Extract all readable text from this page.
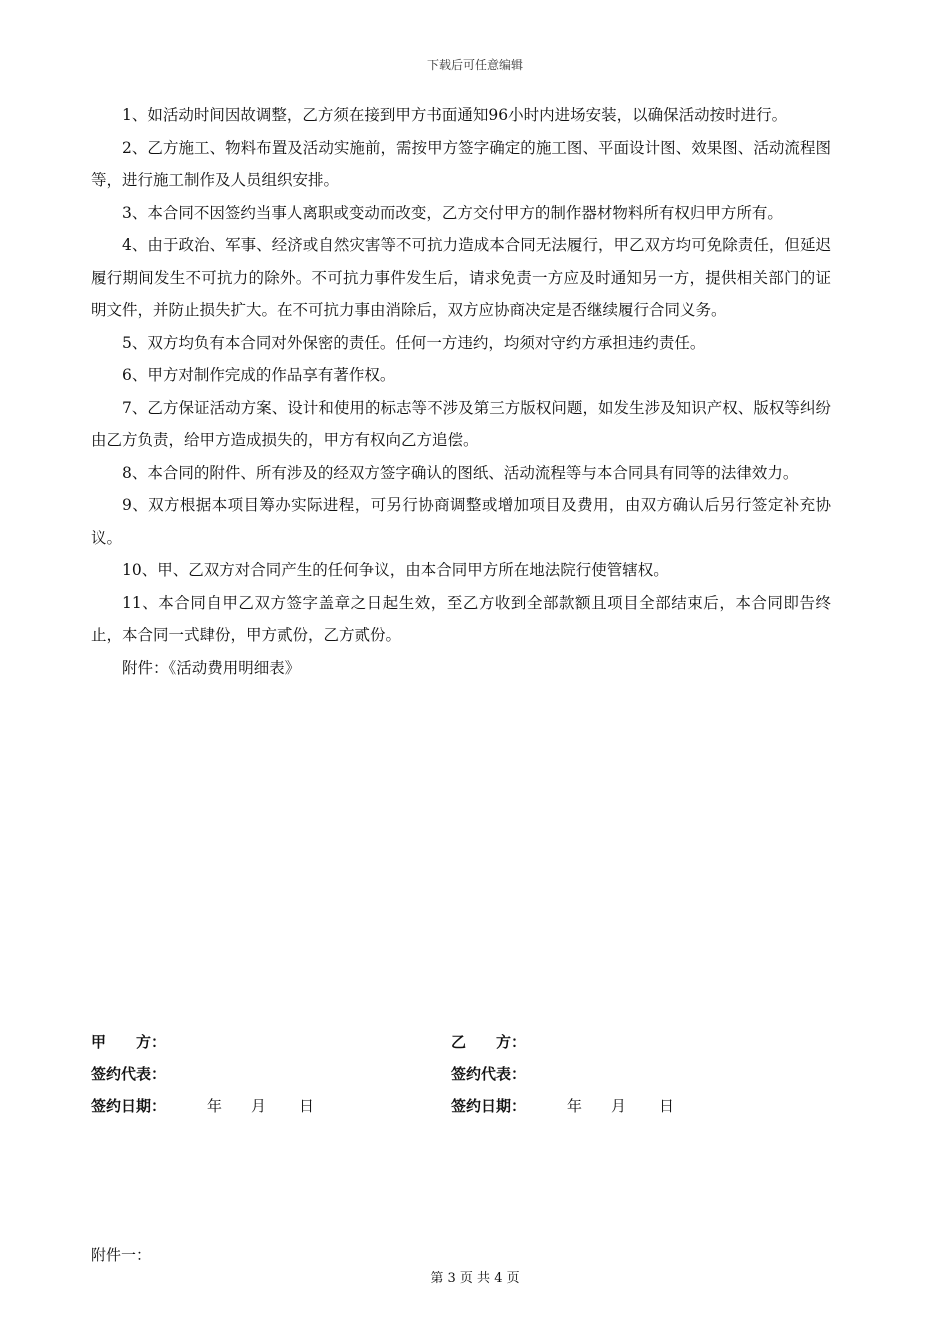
下载后可任意编辑

1、如活动时间因故调整，乙方须在接到甲方书面通知96小时内进场安装，以确保活动按时进行。

2、乙方施工、物料布置及活动实施前，需按甲方签字确定的施工图、平面设计图、效果图、活动流程图等，进行施工制作及人员组织安排。

3、本合同不因签约当事人离职或变动而改变，乙方交付甲方的制作器材物料所有权归甲方所有。

4、由于政治、军事、经济或自然灾害等不可抗力造成本合同无法履行，甲乙双方均可免除责任，但延迟履行期间发生不可抗力的除外。不可抗力事件发生后，请求免责一方应及时通知另一方，提供相关部门的证明文件，并防止损失扩大。在不可抗力事由消除后，双方应协商决定是否继续履行合同义务。

5、双方均负有本合同对外保密的责任。任何一方违约，均须对守约方承担违约责任。

6、甲方对制作完成的作品享有著作权。

7、乙方保证活动方案、设计和使用的标志等不涉及第三方版权问题，如发生涉及知识产权、版权等纠纷由乙方负责，给甲方造成损失的，甲方有权向乙方追偿。

8、本合同的附件、所有涉及的经双方签字确认的图纸、活动流程等与本合同具有同等的法律效力。

9、双方根据本项目筹办实际进程，可另行协商调整或增加项目及费用，由双方确认后另行签定补充协议。

10、甲、乙双方对合同产生的任何争议，由本合同甲方所在地法院行使管辖权。

11、本合同自甲乙双方签字盖章之日起生效，至乙方收到全部款额且项目全部结束后，本合同即告终止，本合同一式肆份，甲方贰份，乙方贰份。

附件：《活动费用明细表》

甲　　方：	乙　　方：
签约代表：	签约代表：
签约日期：	年 月 日	签约日期：	年 月 日
附件一：
第 3 页 共 4 页
